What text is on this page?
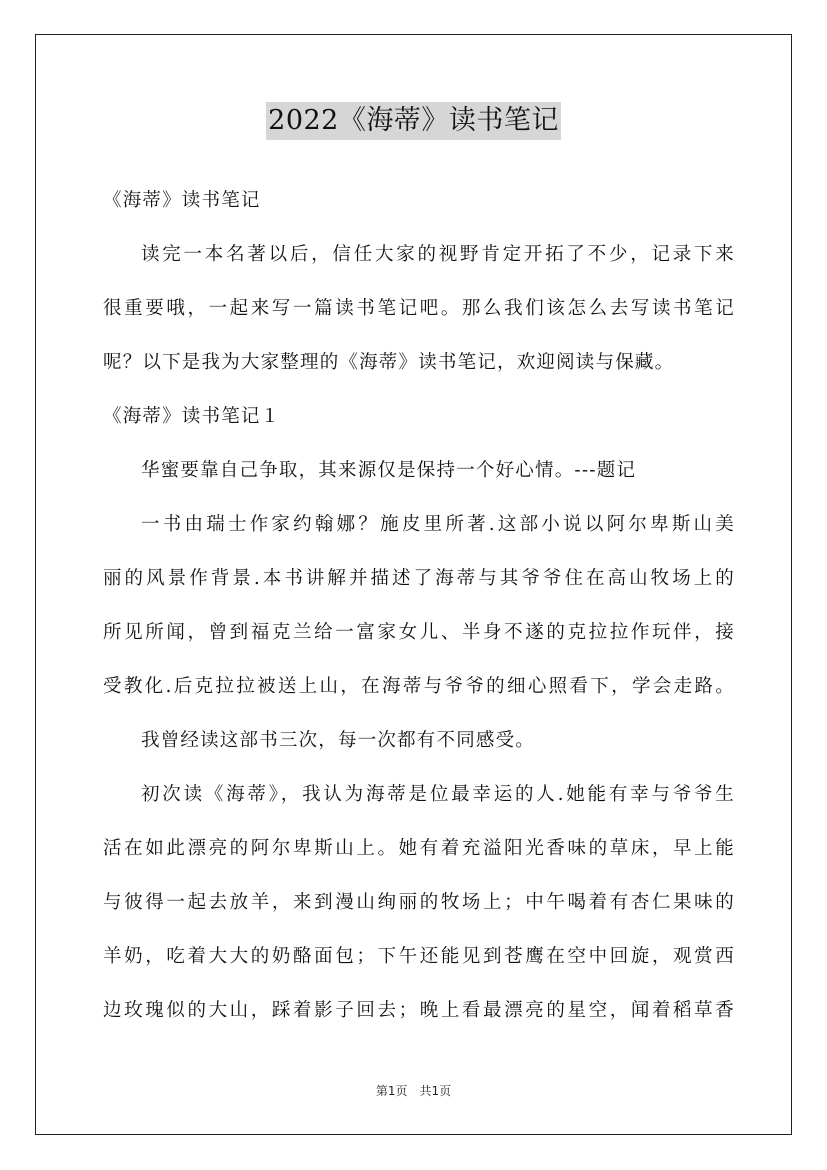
2022《海蒂》读书笔记
《海蒂》读书笔记
读完一本名著以后，信任大家的视野肯定开拓了不少，记录下来
很重要哦，一起来写一篇读书笔记吧。那么我们该怎么去写读书笔记
呢？以下是我为大家整理的《海蒂》读书笔记，欢迎阅读与保藏。
《海蒂》读书笔记１
华蜜要靠自己争取，其来源仅是保持一个好心情。---题记
一书由瑞士作家约翰娜？施皮里所著.这部小说以阿尔卑斯山美
丽的风景作背景.本书讲解并描述了海蒂与其爷爷住在高山牧场上的
所见所闻，曾到福克兰给一富家女儿、半身不遂的克拉拉作玩伴，接
受教化.后克拉拉被送上山，在海蒂与爷爷的细心照看下，学会走路。
我曾经读这部书三次，每一次都有不同感受。
初次读《海蒂》，我认为海蒂是位最幸运的人.她能有幸与爷爷生
活在如此漂亮的阿尔卑斯山上。她有着充溢阳光香味的草床，早上能
与彼得一起去放羊，来到漫山绚丽的牧场上；中午喝着有杏仁果味的
羊奶，吃着大大的奶酪面包；下午还能见到苍鹰在空中回旋，观赏西
边玫瑰似的大山，踩着影子回去；晚上看最漂亮的星空，闻着稻草香
第1页　共1页
